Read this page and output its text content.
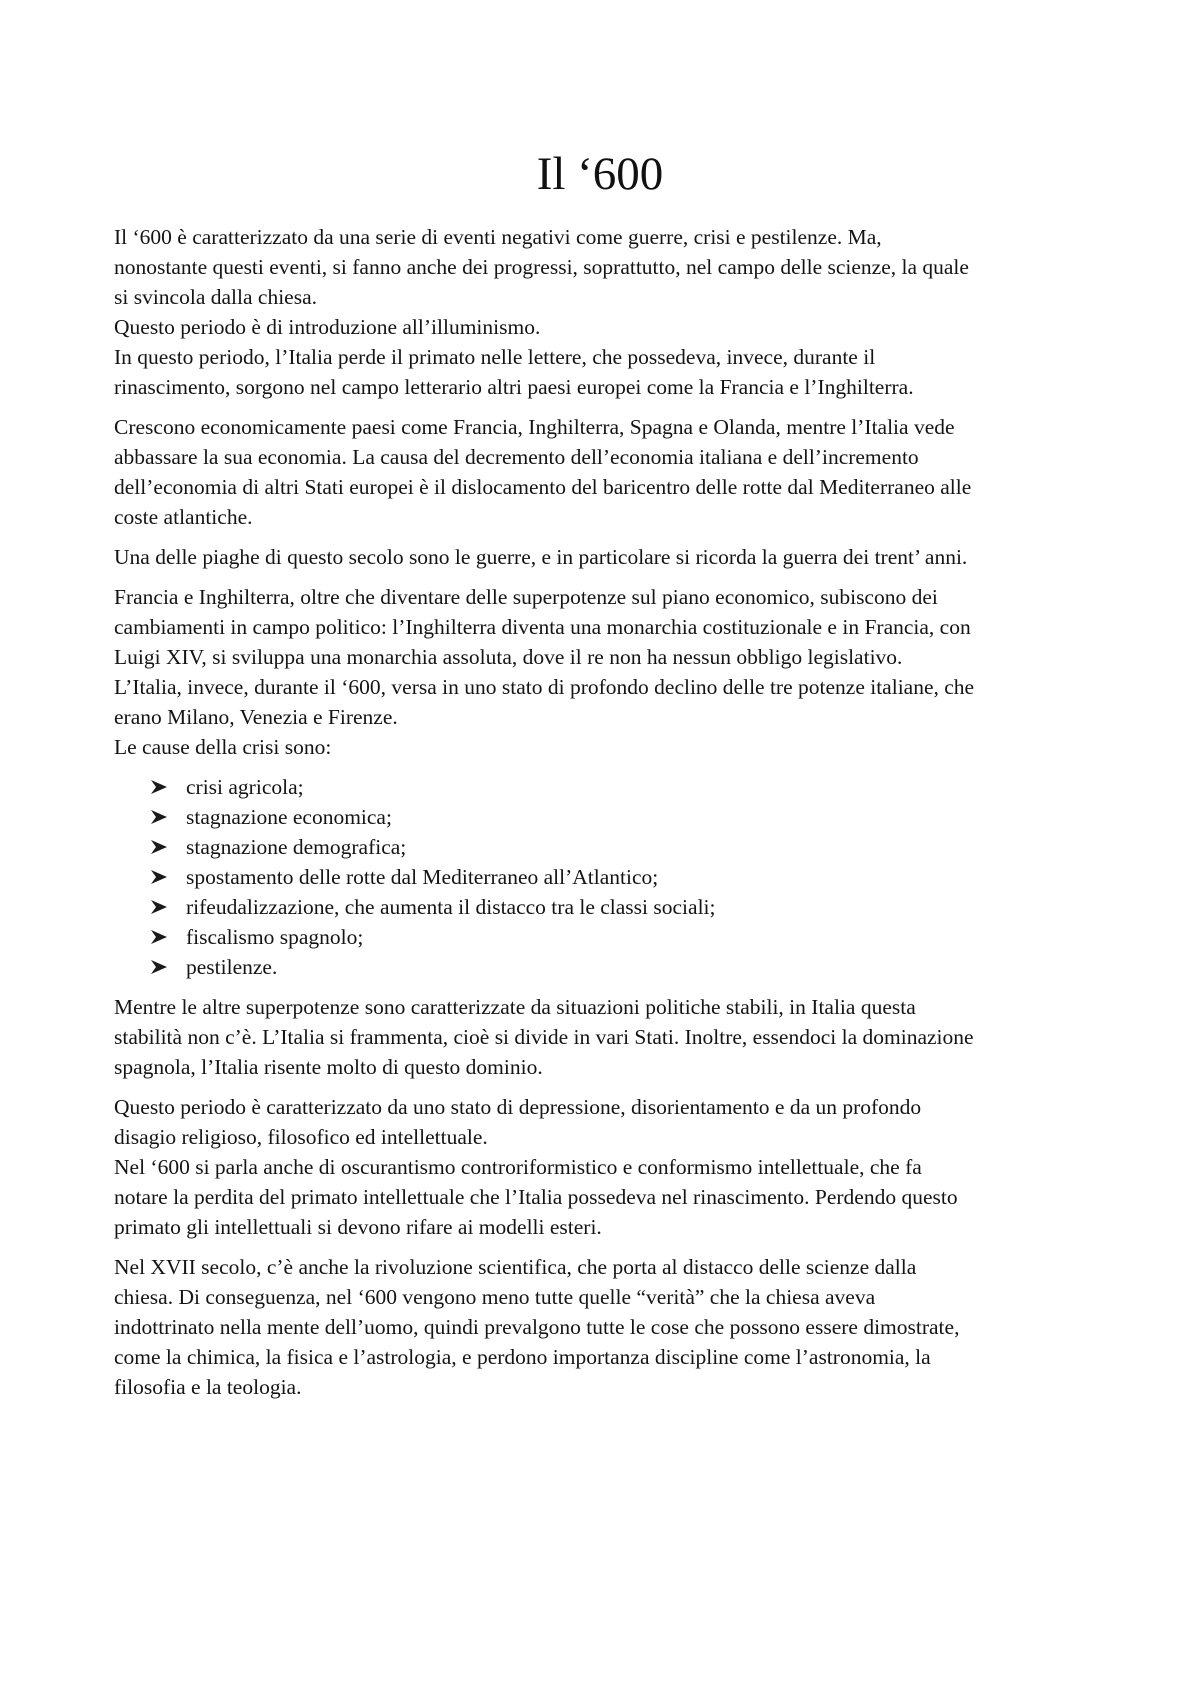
Il ‘600

Il ‘600 è caratterizzato da una serie di eventi negativi come guerre, crisi e pestilenze. Ma,
nonostante questi eventi, si fanno anche dei progressi, soprattutto, nel campo delle scienze, la quale
si svincola dalla chiesa.
Questo periodo è di introduzione all’illuminismo.
In questo periodo, l’Italia perde il primato nelle lettere, che possedeva, invece, durante il
rinascimento, sorgono nel campo letterario altri paesi europei come la Francia e l’Inghilterra.

Crescono economicamente paesi come Francia, Inghilterra, Spagna e Olanda, mentre l’Italia vede
abbassare la sua economia. La causa del decremento dell’economia italiana e dell’incremento
dell’economia di altri Stati europei è il dislocamento del baricentro delle rotte dal Mediterraneo alle
coste atlantiche.

Una delle piaghe di questo secolo sono le guerre, e in particolare si ricorda la guerra dei trent’ anni.

Francia e Inghilterra, oltre che diventare delle superpotenze sul piano economico, subiscono dei
cambiamenti in campo politico: l’Inghilterra diventa una monarchia costituzionale e in Francia, con
Luigi XIV, si sviluppa una monarchia assoluta, dove il re non ha nessun obbligo legislativo.
L’Italia, invece, durante il ‘600, versa in uno stato di profondo declino delle tre potenze italiane, che
erano Milano, Venezia e Firenze.
Le cause della crisi sono:

crisi agricola;
stagnazione economica;
stagnazione demografica;
spostamento delle rotte dal Mediterraneo all’Atlantico;
rifeudalizzazione, che aumenta il distacco tra le classi sociali;
fiscalismo spagnolo;
pestilenze.

Mentre le altre superpotenze sono caratterizzate da situazioni politiche stabili, in Italia questa
stabilità non c’è. L’Italia si frammenta, cioè si divide in vari Stati. Inoltre, essendoci la dominazione
spagnola, l’Italia risente molto di questo dominio.

Questo periodo è caratterizzato da uno stato di depressione, disorientamento e da un profondo
disagio religioso, filosofico ed intellettuale.
Nel ‘600 si parla anche di oscurantismo controriformistico e conformismo intellettuale, che fa
notare la perdita del primato intellettuale che l’Italia possedeva nel rinascimento. Perdendo questo
primato gli intellettuali si devono rifare ai modelli esteri.

Nel XVII secolo, c’è anche la rivoluzione scientifica, che porta al distacco delle scienze dalla
chiesa. Di conseguenza, nel ‘600 vengono meno tutte quelle “verità” che la chiesa aveva
indottrinato nella mente dell’uomo, quindi prevalgono tutte le cose che possono essere dimostrate,
come la chimica, la fisica e l’astrologia, e perdono importanza discipline come l’astronomia, la
filosofia e la teologia.
